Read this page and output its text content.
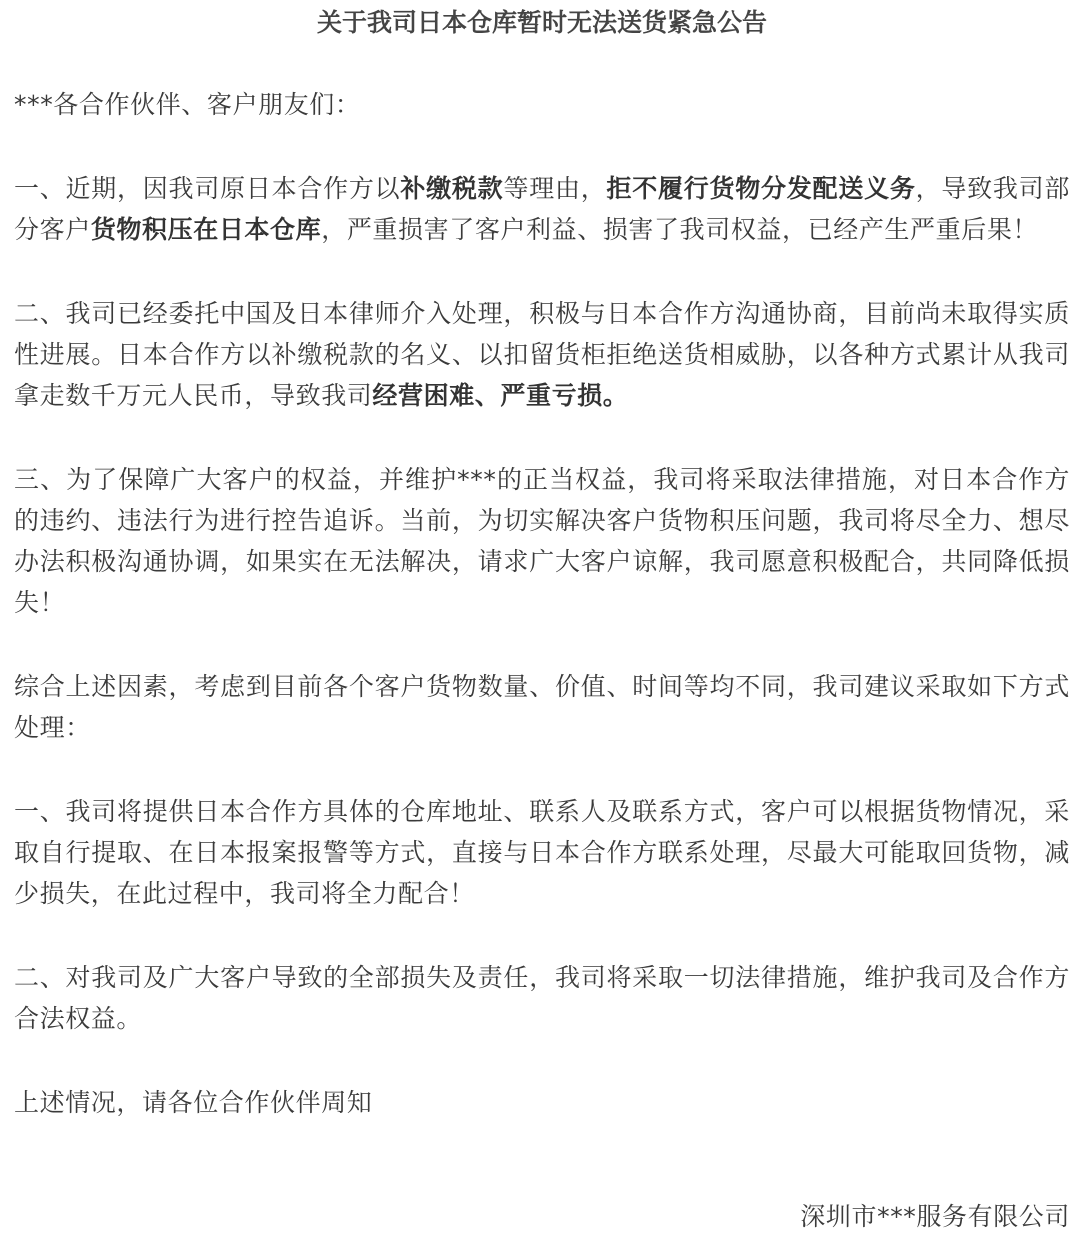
关于我司日本仓库暂时无法送货紧急公告

***各合作伙伴、客户朋友们：

一、近期，因我司原日本合作方以补缴税款等理由，拒不履行货物分发配送义务，导致我司部分客户货物积压在日本仓库，严重损害了客户利益、损害了我司权益，已经产生严重后果！

二、我司已经委托中国及日本律师介入处理，积极与日本合作方沟通协商，目前尚未取得实质性进展。日本合作方以补缴税款的名义、以扣留货柜拒绝送货相威胁，以各种方式累计从我司拿走数千万元人民币，导致我司经营困难、严重亏损。

三、为了保障广大客户的权益，并维护***的正当权益，我司将采取法律措施，对日本合作方的违约、违法行为进行控告追诉。当前，为切实解决客户货物积压问题，我司将尽全力、想尽办法积极沟通协调，如果实在无法解决，请求广大客户谅解，我司愿意积极配合，共同降低损失！

综合上述因素，考虑到目前各个客户货物数量、价值、时间等均不同，我司建议采取如下方式处理：

一、我司将提供日本合作方具体的仓库地址、联系人及联系方式，客户可以根据货物情况，采取自行提取、在日本报案报警等方式，直接与日本合作方联系处理，尽最大可能取回货物，减少损失，在此过程中，我司将全力配合！

二、对我司及广大客户导致的全部损失及责任，我司将采取一切法律措施，维护我司及合作方合法权益。

上述情况，请各位合作伙伴周知

深圳市***服务有限公司
